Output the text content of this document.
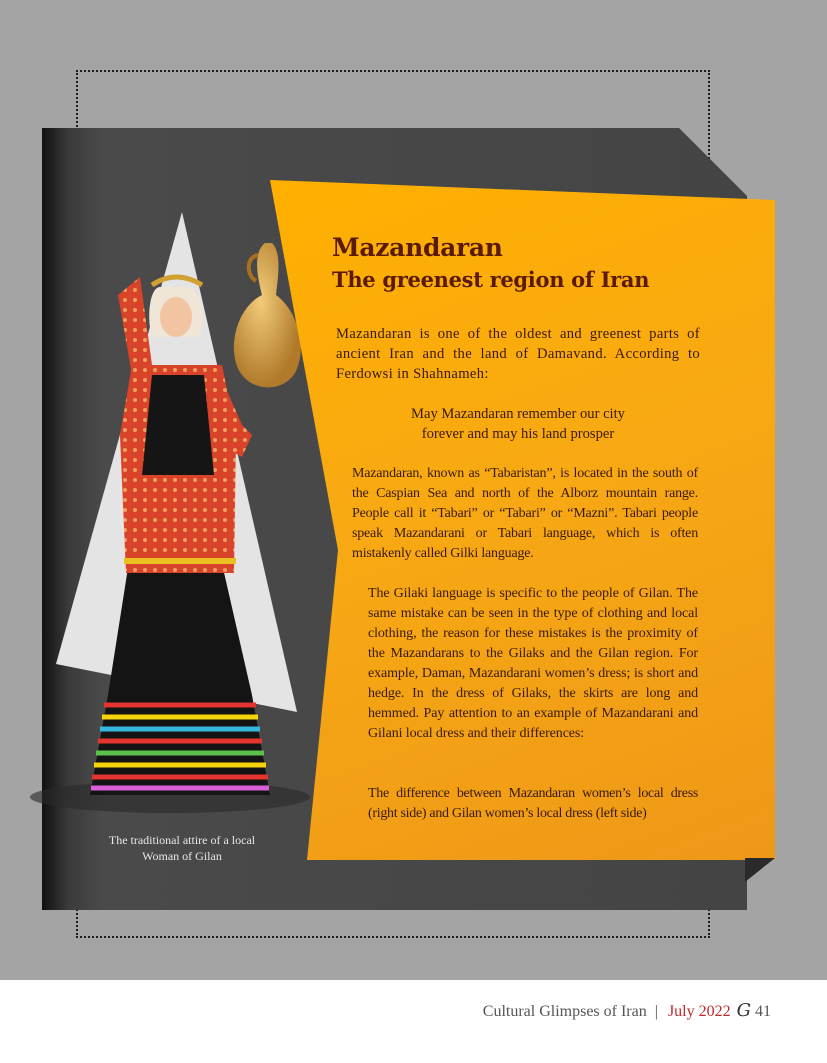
Mazandaran
The greenest region of Iran

Mazandaran is one of the oldest and greenest parts of ancient Iran and the land of Damavand. According to Ferdowsi in Shahnameh:

May Mazandaran remember our city
forever and may his land prosper

Mazandaran, known as “Tabaristan”, is located in the south of the Caspian Sea and north of the Alborz mountain range. People call it “Tabari” or “Tabari” or “Mazni”. Tabari people speak Mazandarani or Tabari language, which is often mistakenly called Gilki language.

The Gilaki language is specific to the people of Gilan. The same mistake can be seen in the type of clothing and local clothing, the reason for these mistakes is the proximity of the Mazandarans to the Gilaks and the Gilan region. For example, Daman, Mazandarani women’s dress; is short and hedge. In the dress of Gilaks, the skirts are long and hemmed. Pay attention to an example of Mazandarani and Gilani local dress and their differences:

The difference between Mazandaran women’s local dress (right side) and Gilan women’s local dress (left side)

The traditional attire of a local
Woman of Gilan
Cultural Glimpses of Iran | July 2022 G 41
